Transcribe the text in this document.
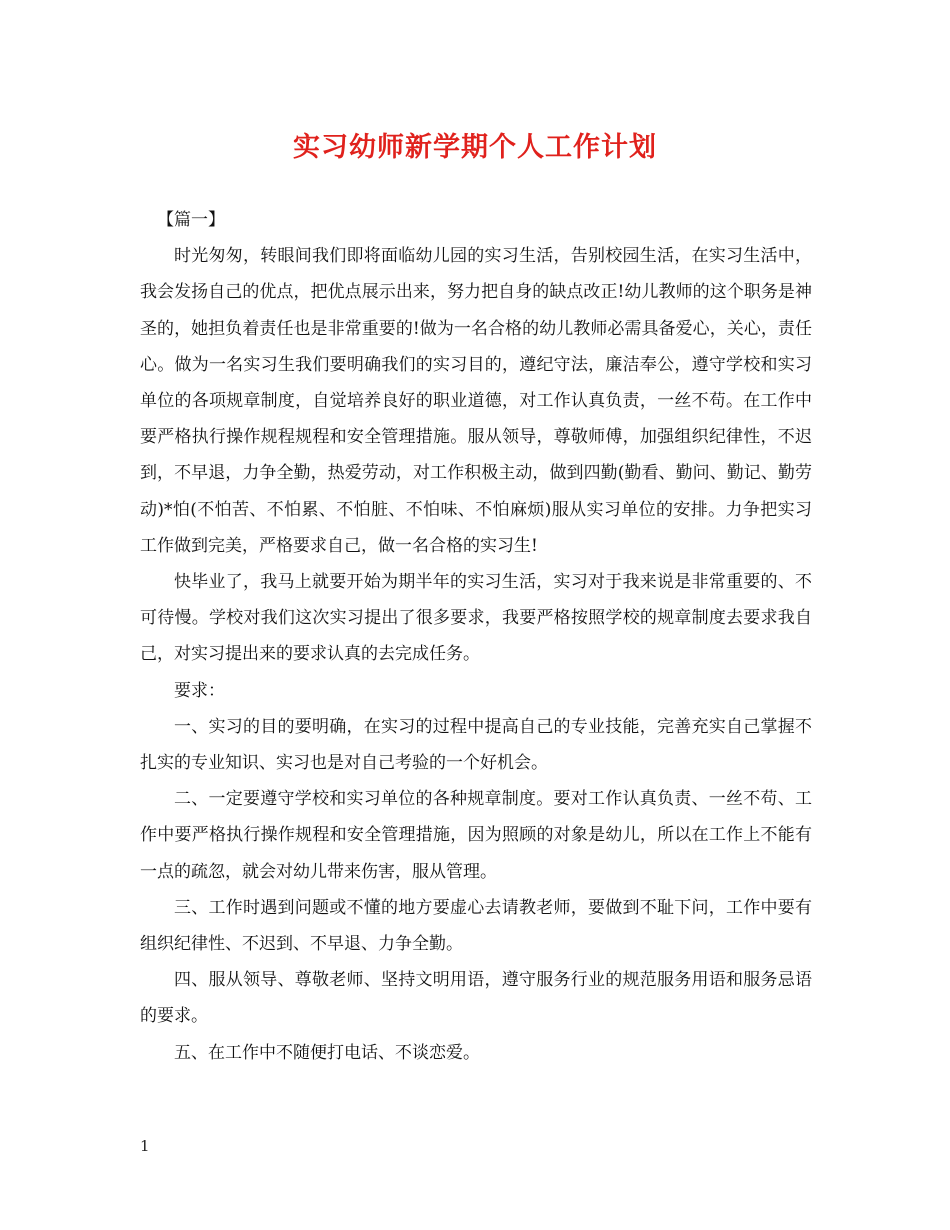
实习幼师新学期个人工作计划

【篇一】

时光匆匆，转眼间我们即将面临幼儿园的实习生活，告别校园生活，在实习生活中，我会发扬自己的优点，把优点展示出来，努力把自身的缺点改正!幼儿教师的这个职务是神圣的，她担负着责任也是非常重要的!做为一名合格的幼儿教师必需具备爱心，关心，责任心。做为一名实习生我们要明确我们的实习目的，遵纪守法，廉洁奉公，遵守学校和实习单位的各项规章制度，自觉培养良好的职业道德，对工作认真负责，一丝不苟。在工作中要严格执行操作规程规程和安全管理措施。服从领导，尊敬师傅，加强组织纪律性，不迟到，不早退，力争全勤，热爱劳动，对工作积极主动，做到四勤(勤看、勤问、勤记、勤劳动)*怕(不怕苦、不怕累、不怕脏、不怕味、不怕麻烦)服从实习单位的安排。力争把实习工作做到完美，严格要求自己，做一名合格的实习生!

快毕业了，我马上就要开始为期半年的实习生活，实习对于我来说是非常重要的、不可待慢。学校对我们这次实习提出了很多要求，我要严格按照学校的规章制度去要求我自己，对实习提出来的要求认真的去完成任务。

要求：

一、实习的目的要明确，在实习的过程中提高自己的专业技能，完善充实自己掌握不扎实的专业知识、实习也是对自己考验的一个好机会。

二、一定要遵守学校和实习单位的各种规章制度。要对工作认真负责、一丝不苟、工作中要严格执行操作规程和安全管理措施，因为照顾的对象是幼儿，所以在工作上不能有一点的疏忽，就会对幼儿带来伤害，服从管理。

三、工作时遇到问题或不懂的地方要虚心去请教老师，要做到不耻下问，工作中要有组织纪律性、不迟到、不早退、力争全勤。

四、服从领导、尊敬老师、坚持文明用语，遵守服务行业的规范服务用语和服务忌语的要求。

五、在工作中不随便打电话、不谈恋爱。

1
